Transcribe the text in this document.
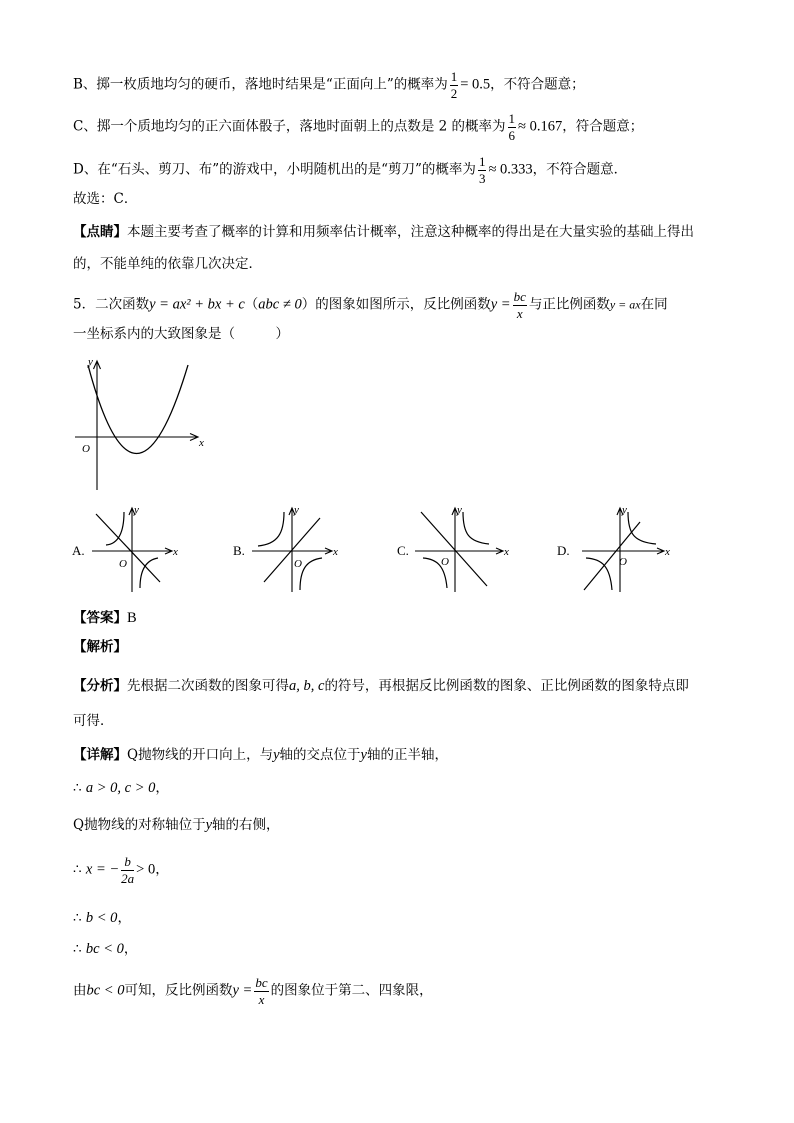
B、掷一枚质地均匀的硬币，落地时结果是“正面向上”的概率为 $\frac{1}{2} = 0.5$，不符合题意；
C、掷一个质地均匀的正六面体骰子，落地时面朝上的点数是 2 的概率为 $\frac{1}{6} \approx 0.167$，符合题意；
D、在“石头、剪刀、布”的游戏中，小明随机出的是“剪刀”的概率为 $\frac{1}{3} \approx 0.333$，不符合题意．
故选：C．
【点睛】本题主要考查了概率的计算和用频率估计概率，注意这种概率的得出是在大量实验的基础上得出
的，不能单纯的依靠几次决定．
5．二次函数y = ax² + bx + c（abc ≠ 0）的图象如图所示，反比例函数$y = \frac{bc}{x}$ 与正比例函数y = ax在同
一坐标系内的大致图象是（　　　）
y
x
O
A.
y
x
O
B.
y
x
O
C.
y
x
O
D.
y
x
O
【答案】B
【解析】
【分析】先根据二次函数的图象可得a, b, c的符号，再根据反比例函数的图象、正比例函数的图象特点即
可得．
【详解】Q抛物线的开口向上，与y轴的交点位于y轴的正半轴，
∴ a > 0, c > 0，
Q抛物线的对称轴位于y轴的右侧，
∴ x = − $\frac{b}{2a} > 0$，
∴ b < 0，
∴ bc < 0，
由bc < 0可知，反比例函数$y = \frac{bc}{x}$ 的图象位于第二、四象限，
